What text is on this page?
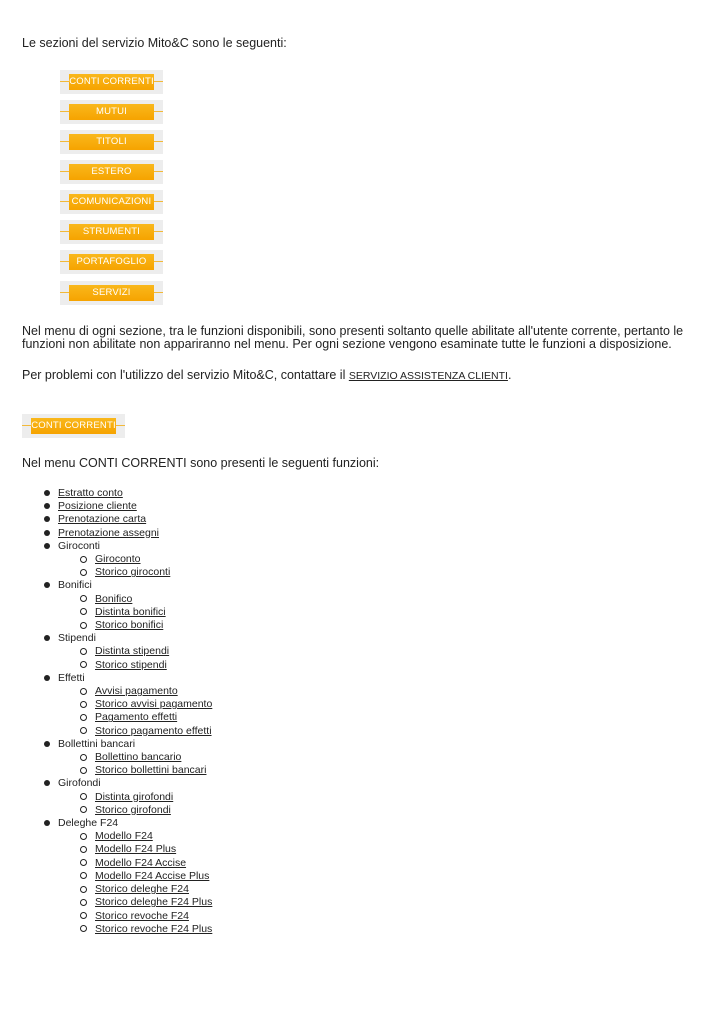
Le sezioni del servizio Mito&C sono le seguenti:

CONTI CORRENTI
MUTUI
TITOLI
ESTERO
COMUNICAZIONI
STRUMENTI
PORTAFOGLIO
SERVIZI

Nel menu di ogni sezione, tra le funzioni disponibili, sono presenti soltanto quelle abilitate all'utente corrente, pertanto le funzioni non abilitate non appariranno nel menu. Per ogni sezione vengono esaminate tutte le funzioni a disposizione.

Per problemi con l'utilizzo del servizio Mito&C, contattare il SERVIZIO ASSISTENZA CLIENTI.

CONTI CORRENTI

Nel menu CONTI CORRENTI sono presenti le seguenti funzioni:

Estratto conto
Posizione cliente
Prenotazione carta
Prenotazione assegni
Giroconti
Giroconto
Storico giroconti
Bonifici
Bonifico
Distinta bonifici
Storico bonifici
Stipendi
Distinta stipendi
Storico stipendi
Effetti
Avvisi pagamento
Storico avvisi pagamento
Pagamento effetti
Storico pagamento effetti
Bollettini bancari
Bollettino bancario
Storico bollettini bancari
Girofondi
Distinta girofondi
Storico girofondi
Deleghe F24
Modello F24
Modello F24 Plus
Modello F24 Accise
Modello F24 Accise Plus
Storico deleghe F24
Storico deleghe F24 Plus
Storico revoche F24
Storico revoche F24 Plus
